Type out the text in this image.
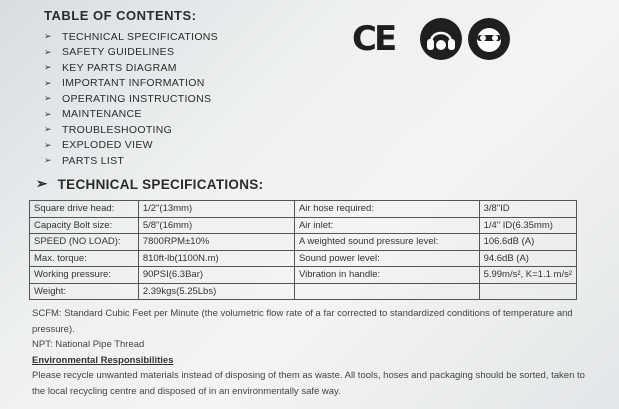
TABLE OF CONTENTS:
➢ TECHNICAL SPECIFICATIONS
➢ SAFETY GUIDELINES
➢ KEY PARTS DIAGRAM
➢ IMPORTANT INFORMATION
➢ OPERATING INSTRUCTIONS
➢ MAINTENANCE
➢ TROUBLESHOOTING
➢ EXPLODED VIEW
➢ PARTS LIST
CE
➢ TECHNICAL SPECIFICATIONS:
Square drive head:	1/2"(13mm)	Air hose required:	3/8"ID
Capacity Bolt size:	5/8"(16mm)	Air inlet:	1/4" ID(6.35mm)
SPEED (NO LOAD):	7800RPM±10%	A weighted sound pressure level:	106.6dB (A)
Max. torque:	810ft-lb(1100N.m)	Sound power level:	94.6dB (A)
Working pressure:	90PSI(6.3Bar)	Vibration in handle:	5.99m/s², K=1.1 m/s²
Weight:	2.39kgs(5.25Lbs)		

SCFM: Standard Cubic Feet per Minute (the volumetric flow rate of a far corrected to standardized conditions of temperature and pressure).

NPT: National Pipe Thread

Environmental Responsibilities

Please recycle unwanted materials instead of disposing of them as waste. All tools, hoses and packaging should be sorted, taken to the local recycling centre and disposed of in an environmentally safe way.
